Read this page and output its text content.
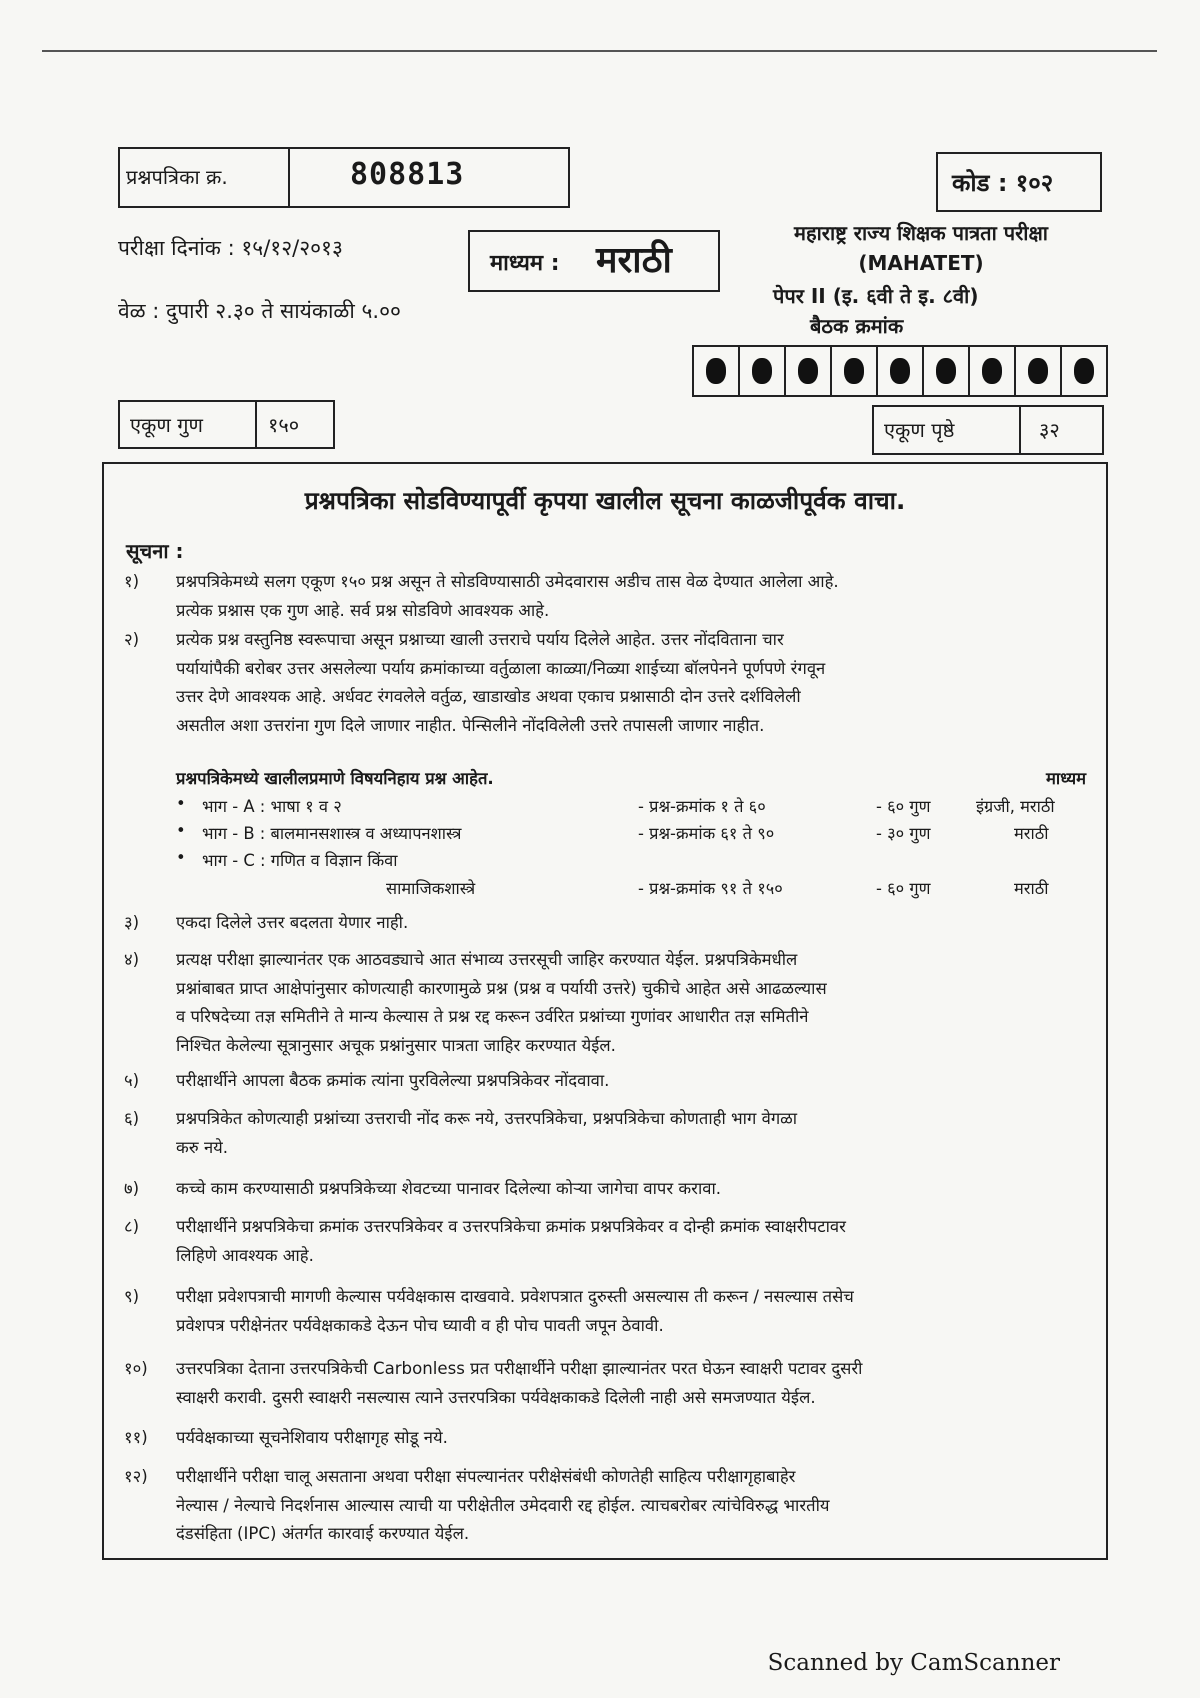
प्रश्नपत्रिका क्र.	808813	कोड : १०२
परीक्षा दिनांक : १५/१२/२०१३
वेळ : दुपारी २.३० ते सायंकाळी ५.००
माध्यम : मराठी
महाराष्ट्र राज्य शिक्षक पात्रता परीक्षा
(MAHATET)
पेपर II (इ. ६वी ते इ. ८वी)
बैठक क्रमांक
एकूण गुण	१५०	एकूण पृष्ठे	३२
प्रश्नपत्रिका सोडविण्यापूर्वी कृपया खालील सूचना काळजीपूर्वक वाचा.
सूचना :
१)	प्रश्नपत्रिकेमध्ये सलग एकूण १५० प्रश्न असून ते सोडविण्यासाठी उमेदवारास अडीच तास वेळ देण्यात आलेला आहे.

प्रत्येक प्रश्नास एक गुण आहे. सर्व प्रश्न सोडविणे आवश्यक आहे.

२)	प्रत्येक प्रश्न वस्तुनिष्ठ स्वरूपाचा असून प्रश्नाच्या खाली उत्तराचे पर्याय दिलेले आहेत. उत्तर नोंदविताना चार

पर्यायांपैकी बरोबर उत्तर असलेल्या पर्याय क्रमांकाच्या वर्तुळाला काळ्या/निळ्या शाईच्या बॉलपेनने पूर्णपणे रंगवून

उत्तर देणे आवश्यक आहे. अर्धवट रंगवलेले वर्तुळ, खाडाखोड अथवा एकाच प्रश्नासाठी दोन उत्तरे दर्शविलेली

असतील अशा उत्तरांना गुण दिले जाणार नाहीत. पेन्सिलीने नोंदविलेली उत्तरे तपासली जाणार नाहीत.

प्रश्नपत्रिकेमध्ये खालीलप्रमाणे विषयनिहाय प्रश्न आहेत.	माध्यम
• भाग - A : भाषा १ व २	- प्रश्न-क्रमांक १ ते ६०	- ६० गुण	इंग्रजी, मराठी
• भाग - B : बालमानसशास्त्र व अध्यापनशास्त्र	- प्रश्न-क्रमांक ६१ ते ९०	- ३० गुण	मराठी
• भाग - C : गणित व विज्ञान किंवा
सामाजिकशास्त्रे	- प्रश्न-क्रमांक ९१ ते १५०	- ६० गुण	मराठी
३)	एकदा दिलेले उत्तर बदलता येणार नाही.

४)	प्रत्यक्ष परीक्षा झाल्यानंतर एक आठवड्याचे आत संभाव्य उत्तरसूची जाहिर करण्यात येईल. प्रश्नपत्रिकेमधील

प्रश्नांबाबत प्राप्त आक्षेपांनुसार कोणत्याही कारणामुळे प्रश्न (प्रश्न व पर्यायी उत्तरे) चुकीचे आहेत असे आढळल्यास

व परिषदेच्या तज्ञ समितीने ते मान्य केल्यास ते प्रश्न रद्द करून उर्वरित प्रश्नांच्या गुणांवर आधारीत तज्ञ समितीने

निश्चित केलेल्या सूत्रानुसार अचूक प्रश्नांनुसार पात्रता जाहिर करण्यात येईल.

५)	परीक्षार्थीने आपला बैठक क्रमांक त्यांना पुरविलेल्या प्रश्नपत्रिकेवर नोंदवावा.

६)	प्रश्नपत्रिकेत कोणत्याही प्रश्नांच्या उत्तराची नोंद करू नये, उत्तरपत्रिकेचा, प्रश्नपत्रिकेचा कोणताही भाग वेगळा

करु नये.

७)	कच्चे काम करण्यासाठी प्रश्नपत्रिकेच्या शेवटच्या पानावर दिलेल्या कोऱ्या जागेचा वापर करावा.

८)	परीक्षार्थीने प्रश्नपत्रिकेचा क्रमांक उत्तरपत्रिकेवर व उत्तरपत्रिकेचा क्रमांक प्रश्नपत्रिकेवर व दोन्ही क्रमांक स्वाक्षरीपटावर

लिहिणे आवश्यक आहे.

९)	परीक्षा प्रवेशपत्राची मागणी केल्यास पर्यवेक्षकास दाखवावे. प्रवेशपत्रात दुरुस्ती असल्यास ती करून / नसल्यास तसेच

प्रवेशपत्र परीक्षेनंतर पर्यवेक्षकाकडे देऊन पोच घ्यावी व ही पोच पावती जपून ठेवावी.

१०)	उत्तरपत्रिका देताना उत्तरपत्रिकेची Carbonless प्रत परीक्षार्थीने परीक्षा झाल्यानंतर परत घेऊन स्वाक्षरी पटावर दुसरी

स्वाक्षरी करावी. दुसरी स्वाक्षरी नसल्यास त्याने उत्तरपत्रिका पर्यवेक्षकाकडे दिलेली नाही असे समजण्यात येईल.

११)	पर्यवेक्षकाच्या सूचनेशिवाय परीक्षागृह सोडू नये.

१२)	परीक्षार्थीने परीक्षा चालू असताना अथवा परीक्षा संपल्यानंतर परीक्षेसंबंधी कोणतेही साहित्य परीक्षागृहाबाहेर

नेल्यास / नेल्याचे निदर्शनास आल्यास त्याची या परीक्षेतील उमेदवारी रद्द होईल. त्याचबरोबर त्यांचेविरुद्ध भारतीय

दंडसंहिता (IPC) अंतर्गत कारवाई करण्यात येईल.

Scanned by CamScanner
